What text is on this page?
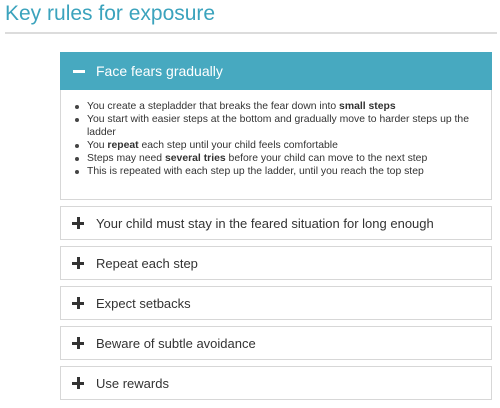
Key rules for exposure
Face fears gradually
You create a stepladder that breaks the fear down into small steps
You start with easier steps at the bottom and gradually move to harder steps up the ladder
You repeat each step until your child feels comfortable
Steps may need several tries before your child can move to the next step
This is repeated with each step up the ladder, until you reach the top step
Your child must stay in the feared situation for long enough
Repeat each step
Expect setbacks
Beware of subtle avoidance
Use rewards
